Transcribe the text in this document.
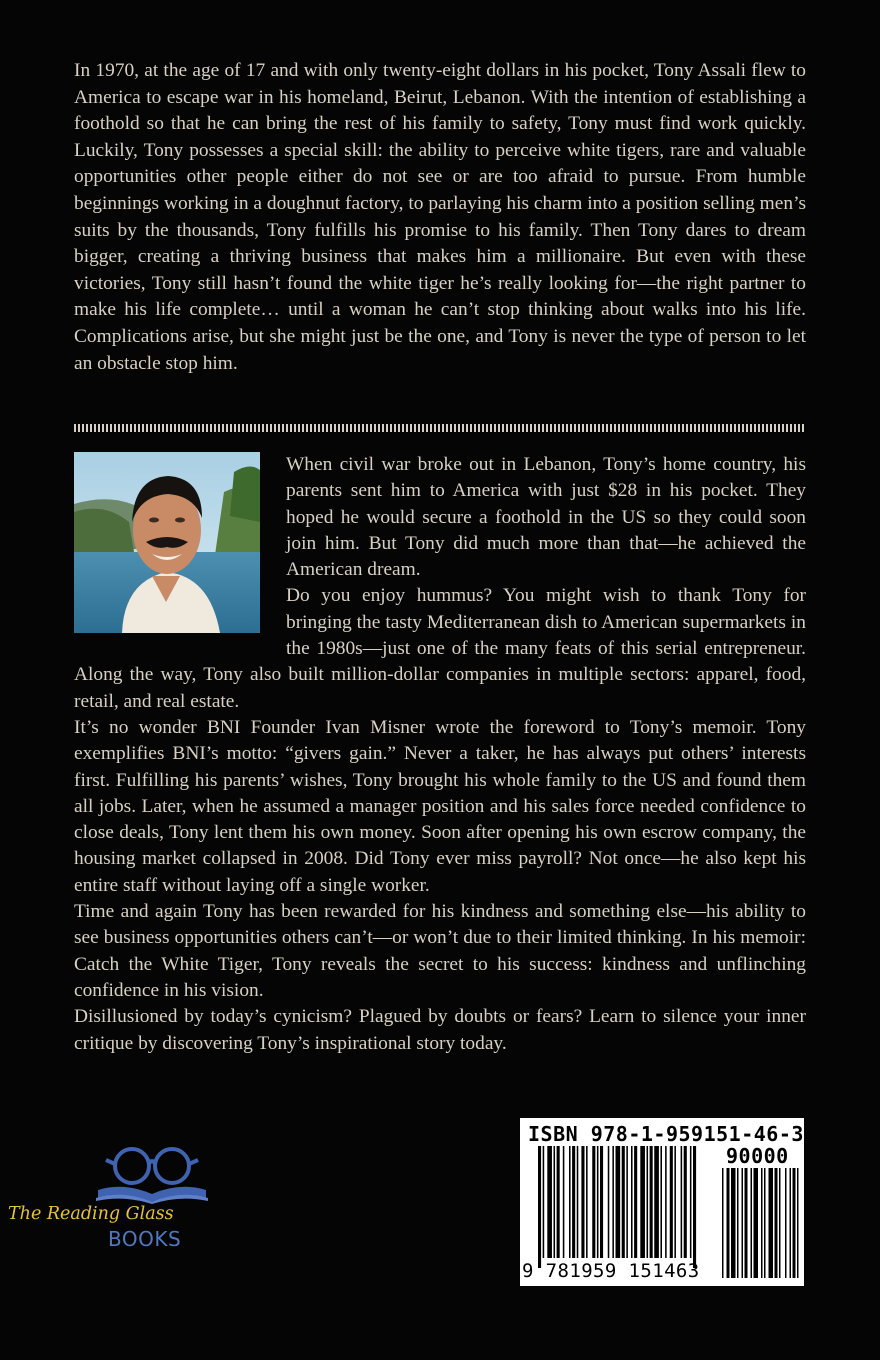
In 1970, at the age of 17 and with only twenty-eight dollars in his pocket, Tony Assali flew to America to escape war in his homeland, Beirut, Lebanon. With the intention of establishing a foothold so that he can bring the rest of his family to safety, Tony must find work quickly. Luckily, Tony possesses a special skill: the ability to perceive white tigers, rare and valuable opportunities other people either do not see or are too afraid to pursue. From humble beginnings working in a doughnut factory, to parlaying his charm into a position selling men’s suits by the thousands, Tony fulfills his promise to his family. Then Tony dares to dream bigger, creating a thriving business that makes him a millionaire. But even with these victories, Tony still hasn’t found the white tiger he’s really looking for—the right partner to make his life complete… until a woman he can’t stop thinking about walks into his life. Complications arise, but she might just be the one, and Tony is never the type of person to let an obstacle stop him.

When civil war broke out in Lebanon, Tony’s home country, his parents sent him to America with just $28 in his pocket. They hoped he would secure a foothold in the US so they could soon join him. But Tony did much more than that—he achieved the American dream.

Do you enjoy hummus? You might wish to thank Tony for bringing the tasty Mediterranean dish to American supermarkets in the 1980s—just one of the many feats of this serial entrepreneur. Along the way, Tony also built million-dollar companies in multiple sectors: apparel, food, retail, and real estate.

It’s no wonder BNI Founder Ivan Misner wrote the foreword to Tony’s memoir. Tony exemplifies BNI’s motto: “givers gain.” Never a taker, he has always put others’ interests first. Fulfilling his parents’ wishes, Tony brought his whole family to the US and found them all jobs. Later, when he assumed a manager position and his sales force needed confidence to close deals, Tony lent them his own money. Soon after opening his own escrow company, the housing market collapsed in 2008. Did Tony ever miss payroll? Not once—he also kept his entire staff without laying off a single worker.

Time and again Tony has been rewarded for his kindness and something else—his ability to see business opportunities others can’t—or won’t due to their limited thinking. In his memoir: Catch the White Tiger, Tony reveals the secret to his success: kindness and unflinching confidence in his vision.

Disillusioned by today’s cynicism? Plagued by doubts or fears? Learn to silence your inner critique by discovering Tony’s inspirational story today.

The Reading Glass
BOOKS
ISBN 978-1-959151-46-3
90000
9 781959 151463
